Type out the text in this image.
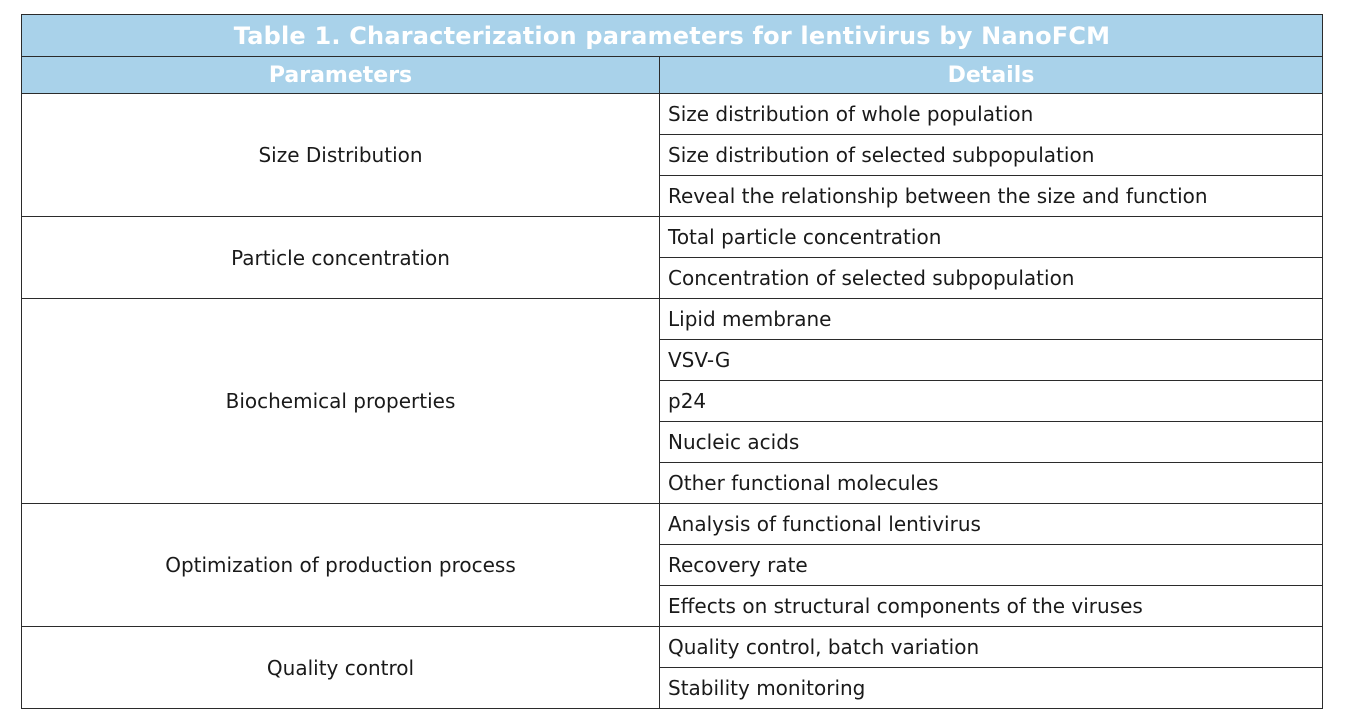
Table 1. Characterization parameters for lentivirus by NanoFCM	
Parameters	Details
Size Distribution	Size distribution of whole population
	Size distribution of selected subpopulation
	Reveal the relationship between the size and function
Particle concentration	Total particle concentration
	Concentration of selected subpopulation
Biochemical properties	Lipid membrane
	VSV-G
	p24
	Nucleic acids
	Other functional molecules
Optimization of production process	Analysis of functional lentivirus
	Recovery rate
	Effects on structural components of the viruses
Quality control	Quality control, batch variation
	Stability monitoring
